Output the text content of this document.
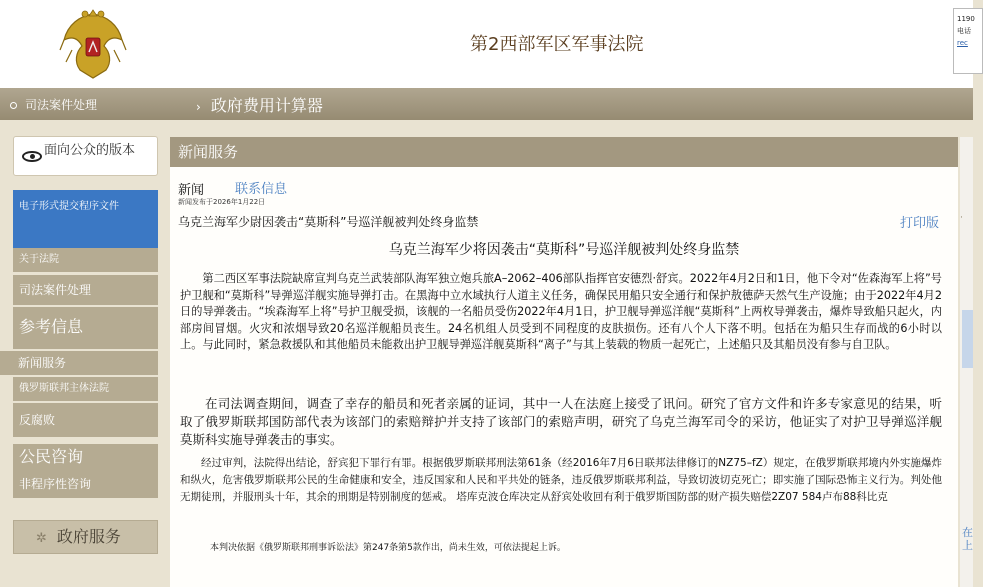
第2西部军区军事法院
1190
电话
rec
司法案件处理	› 政府费用计算器
面向公众的版本
电子形式提交程序文件
关于法院
司法案件处理
参考信息
新闻服务
俄罗斯联邦主体法院
反腐败
公民咨询
非程序性咨询
✲ 政府服务
新闻服务
新闻 联系信息
新闻发布于2026年1月22日
乌克兰海军少尉因袭击“莫斯科”号巡洋舰被判处终身监禁	打印版
乌克兰海军少将因袭击“莫斯科”号巡洋舰被判处终身监禁
第二西区军事法院缺席宣判乌克兰武装部队海军独立炮兵旅A–2062–406部队指挥官安德烈·舒宾。2022年4月2日和1日，他下令对“佐森海军上将”号护卫舰和“莫斯科”导弹巡洋舰实施导弹打击。在黑海中立水域执行人道主义任务，确保民用船只安全通行和保护敖德萨天然气生产设施；由于2022年4月2日的导弹袭击。“埃森海军上将”号护卫舰受损，该舰的一名船员受伤2022年4月1日，护卫舰导弹巡洋舰“莫斯科”上两枚导弹袭击，爆炸导致船只起火，内部房间冒烟。火灾和浓烟导致20名巡洋舰船员丧生。24名机组人员受到不同程度的皮肤损伤。还有八个人下落不明。包括在为船只生存而战的6小时以上。与此同时，紧急救援队和其他船员未能救出护卫舰导弹巡洋舰莫斯科“离子”与其上装载的物质一起死亡，上述船只及其船员没有参与自卫队。
在司法调查期间，调查了幸存的船员和死者亲属的证词，其中一人在法庭上接受了讯问。研究了官方文件和许多专家意见的结果，听取了俄罗斯联邦国防部代表为该部门的索赔辩护并支持了该部门的索赔声明，研究了乌克兰海军司令的采访，他证实了对护卫导弹巡洋舰莫斯科实施导弹袭击的事实。
经过审判，法院得出结论，舒宾犯下罪行有罪。根据俄罗斯联邦刑法第61条（经2016年7月6日联邦法律修订的NZ75–fZ）规定，在俄罗斯联邦境内外实施爆炸和纵火，危害俄罗斯联邦公民的生命健康和安全，违反国家和人民和平共处的链条，违反俄罗斯联邦利益，导致切波切克死亡；即实施了国际恐怖主义行为。判处他无期徒刑，并服刑头十年，其余的刑期是特别制度的惩戒。 塔库克波仓库决定从舒宾处收回有利于俄罗斯国防部的财产损失赔偿2Z07 584卢布88科比克
本判决依据《俄罗斯联邦刑事诉讼法》第247条第5款作出，尚未生效，可依法提起上诉。
·
在上
